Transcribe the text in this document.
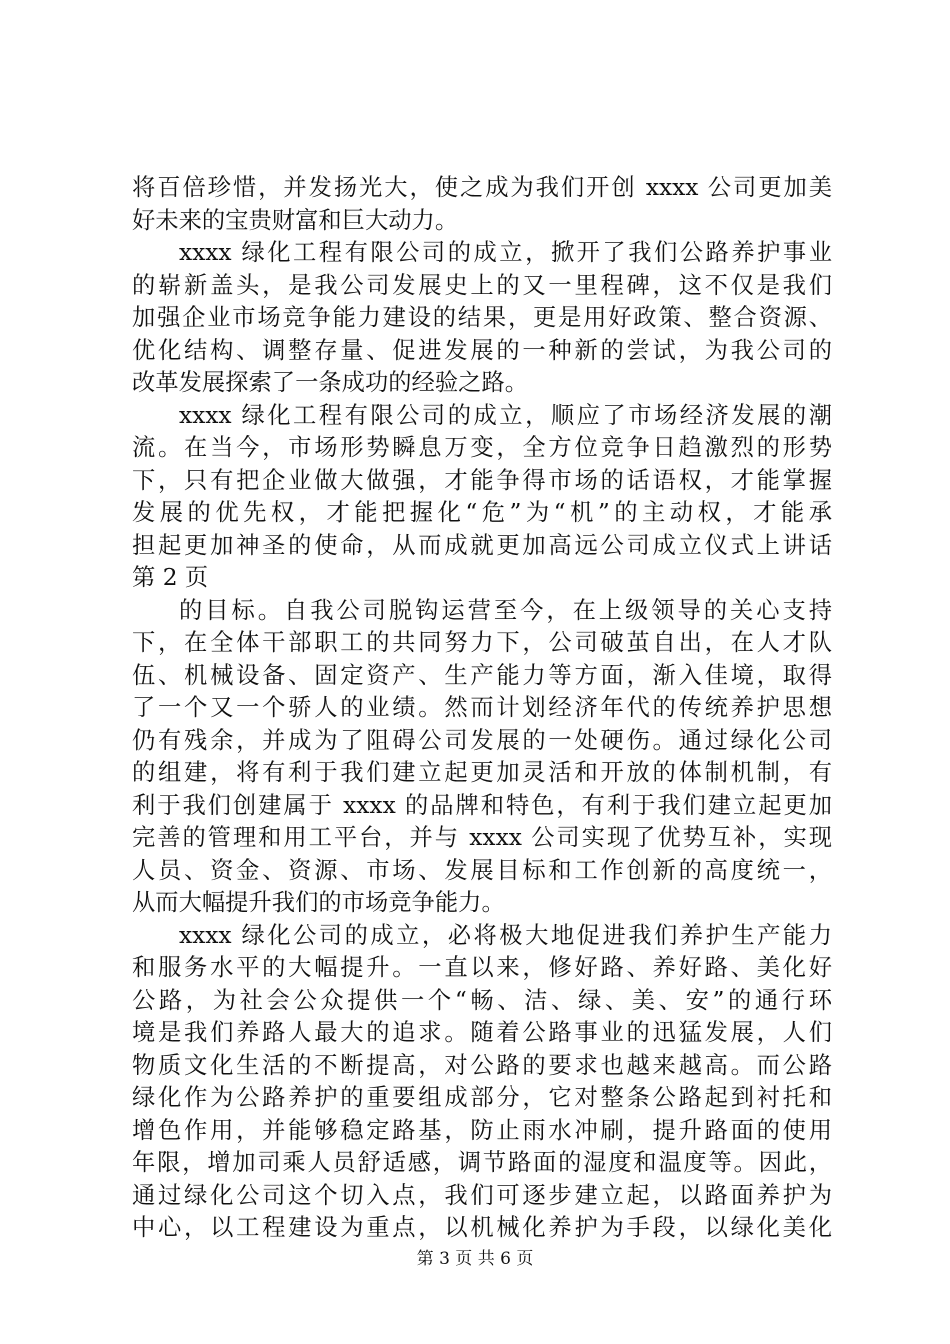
将百倍珍惜，并发扬光大，使之成为我们开创 xxxx 公司更加美
好未来的宝贵财富和巨大动力。
xxxx 绿化工程有限公司的成立，掀开了我们公路养护事业
的崭新盖头，是我公司发展史上的又一里程碑，这不仅是我们
加强企业市场竞争能力建设的结果，更是用好政策、整合资源、
优化结构、调整存量、促进发展的一种新的尝试，为我公司的
改革发展探索了一条成功的经验之路。
xxxx 绿化工程有限公司的成立，顺应了市场经济发展的潮
流。在当今，市场形势瞬息万变，全方位竞争日趋激烈的形势
下，只有把企业做大做强，才能争得市场的话语权，才能掌握
发展的优先权，才能把握化“危”为“机”的主动权，才能承
担起更加神圣的使命，从而成就更加高远公司成立仪式上讲话
第 2 页
的目标。自我公司脱钩运营至今，在上级领导的关心支持
下，在全体干部职工的共同努力下，公司破茧自出，在人才队
伍、机械设备、固定资产、生产能力等方面，渐入佳境，取得
了一个又一个骄人的业绩。然而计划经济年代的传统养护思想
仍有残余，并成为了阻碍公司发展的一处硬伤。通过绿化公司
的组建，将有利于我们建立起更加灵活和开放的体制机制，有
利于我们创建属于 xxxx 的品牌和特色，有利于我们建立起更加
完善的管理和用工平台，并与 xxxx 公司实现了优势互补，实现
人员、资金、资源、市场、发展目标和工作创新的高度统一，
从而大幅提升我们的市场竞争能力。
xxxx 绿化公司的成立，必将极大地促进我们养护生产能力
和服务水平的大幅提升。一直以来，修好路、养好路、美化好
公路，为社会公众提供一个“畅、洁、绿、美、安”的通行环
境是我们养路人最大的追求。随着公路事业的迅猛发展，人们
物质文化生活的不断提高，对公路的要求也越来越高。而公路
绿化作为公路养护的重要组成部分，它对整条公路起到衬托和
增色作用，并能够稳定路基，防止雨水冲刷，提升路面的使用
年限，增加司乘人员舒适感，调节路面的湿度和温度等。因此，
通过绿化公司这个切入点，我们可逐步建立起，以路面养护为
中心，以工程建设为重点，以机械化养护为手段，以绿化美化
第 3 页 共 6 页
